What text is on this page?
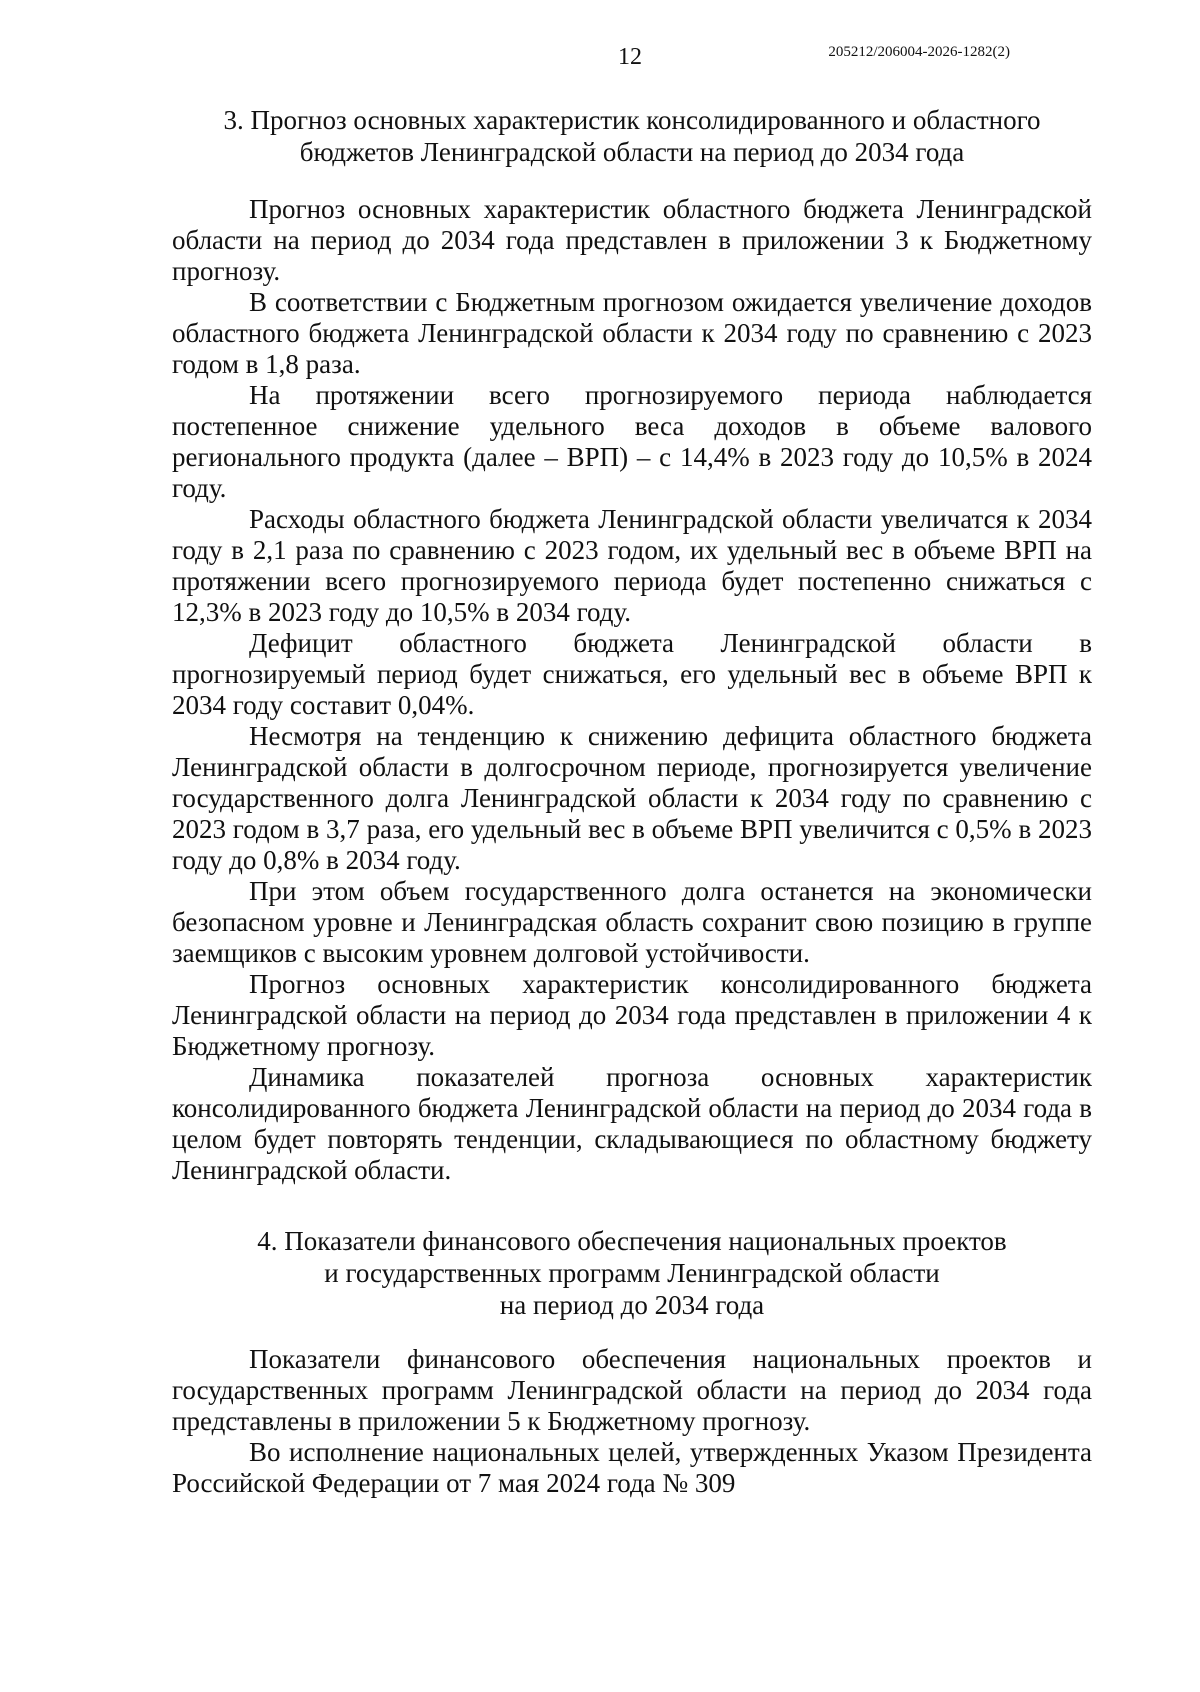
12	205212/206004-2026-1282(2)
3. Прогноз основных характеристик консолидированного и областного
бюджетов Ленинградской области на период до 2034 года

Прогноз основных характеристик областного бюджета Ленинградской области на период до 2034 года представлен в приложении 3 к Бюджетному прогнозу.

В соответствии с Бюджетным прогнозом ожидается увеличение доходов областного бюджета Ленинградской области к 2034 году по сравнению с 2023 годом в 1,8 раза.

На протяжении всего прогнозируемого периода наблюдается постепенное снижение удельного веса доходов в объеме валового регионального продукта (далее – ВРП) – с 14,4% в 2023 году до 10,5% в 2024 году.

Расходы областного бюджета Ленинградской области увеличатся к 2034 году в 2,1 раза по сравнению с 2023 годом, их удельный вес в объеме ВРП на протяжении всего прогнозируемого периода будет постепенно снижаться с 12,3% в 2023 году до 10,5% в 2034 году.

Дефицит областного бюджета Ленинградской области в прогнозируемый период будет снижаться, его удельный вес в объеме ВРП к 2034 году составит 0,04%.

Несмотря на тенденцию к снижению дефицита областного бюджета Ленинградской области в долгосрочном периоде, прогнозируется увеличение государственного долга Ленинградской области к 2034 году по сравнению с 2023 годом в 3,7 раза, его удельный вес в объеме ВРП увеличится с 0,5% в 2023 году до 0,8% в 2034 году.

При этом объем государственного долга останется на экономически безопасном уровне и Ленинградская область сохранит свою позицию в группе заемщиков с высоким уровнем долговой устойчивости.

Прогноз основных характеристик консолидированного бюджета Ленинградской области на период до 2034 года представлен в приложении 4 к Бюджетному прогнозу.

Динамика показателей прогноза основных характеристик консолидированного бюджета Ленинградской области на период до 2034 года в целом будет повторять тенденции, складывающиеся по областному бюджету Ленинградской области.

4. Показатели финансового обеспечения национальных проектов
и государственных программ Ленинградской области
на период до 2034 года

Показатели финансового обеспечения национальных проектов и государственных программ Ленинградской области на период до 2034 года представлены в приложении 5 к Бюджетному прогнозу.

Во исполнение национальных целей, утвержденных Указом Президента Российской Федерации от 7 мая 2024 года № 309
